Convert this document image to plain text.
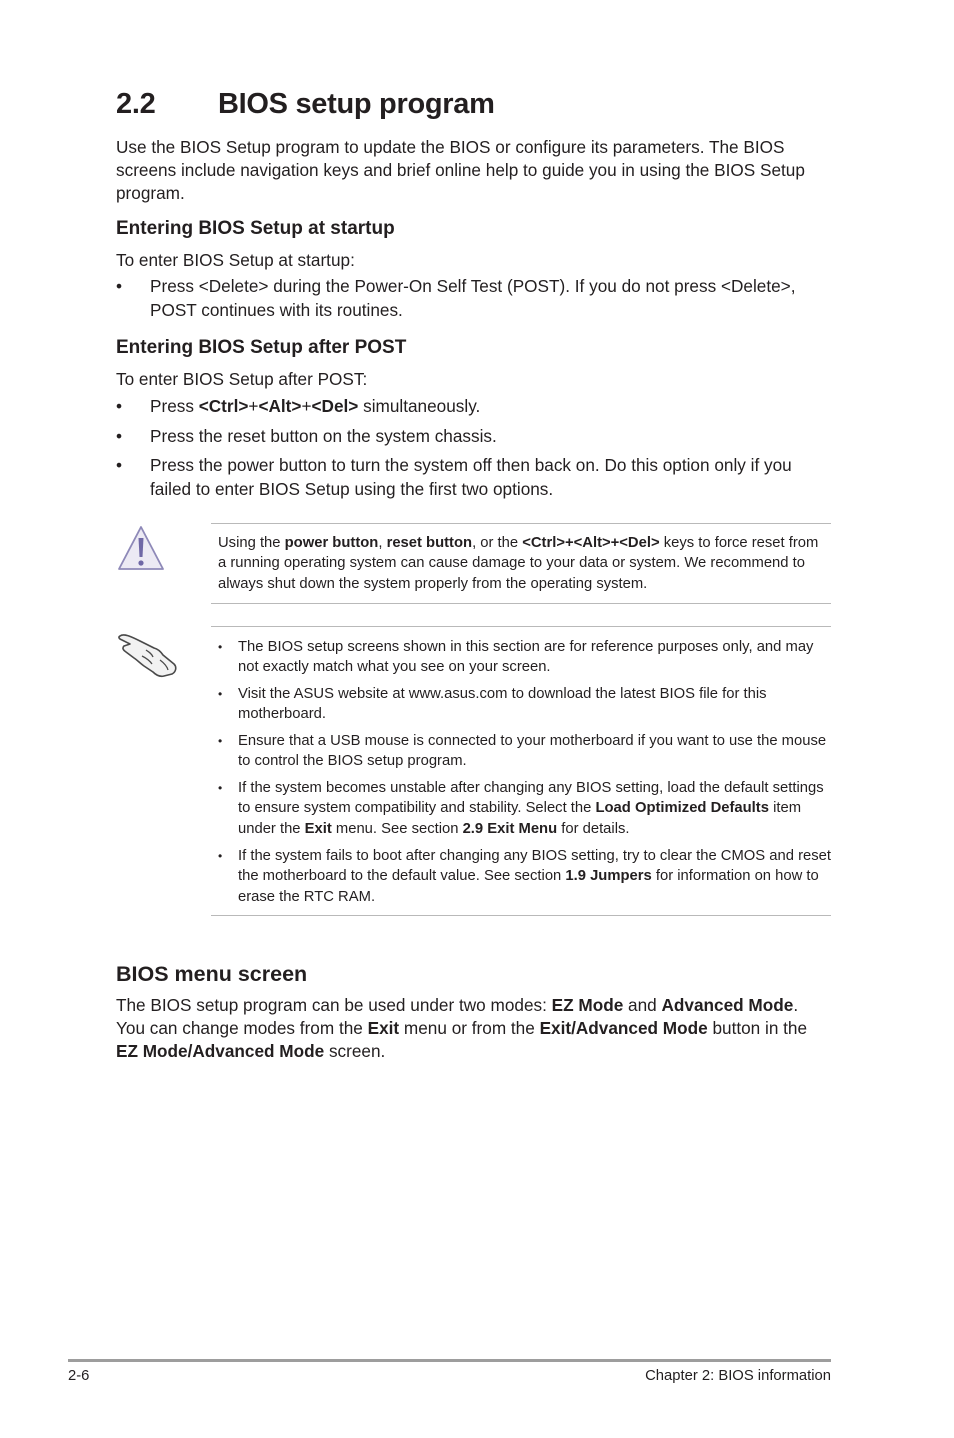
2.2 BIOS setup program
Use the BIOS Setup program to update the BIOS or configure its parameters. The BIOS screens include navigation keys and brief online help to guide you in using the BIOS Setup program.
Entering BIOS Setup at startup
To enter BIOS Setup at startup:
• Press <Delete> during the Power-On Self Test (POST). If you do not press <Delete>, POST continues with its routines.
Entering BIOS Setup after POST
To enter BIOS Setup after POST:
• Press <Ctrl>+<Alt>+<Del> simultaneously.
• Press the reset button on the system chassis.
• Press the power button to turn the system off then back on. Do this option only if you failed to enter BIOS Setup using the first two options.
Using the power button, reset button, or the <Ctrl>+<Alt>+<Del> keys to force reset from a running operating system can cause damage to your data or system. We recommend to always shut down the system properly from the operating system.
• The BIOS setup screens shown in this section are for reference purposes only, and may not exactly match what you see on your screen.
• Visit the ASUS website at www.asus.com to download the latest BIOS file for this motherboard.
• Ensure that a USB mouse is connected to your motherboard if you want to use the mouse to control the BIOS setup program.
• If the system becomes unstable after changing any BIOS setting, load the default settings to ensure system compatibility and stability. Select the Load Optimized Defaults item under the Exit menu. See section 2.9 Exit Menu for details.
• If the system fails to boot after changing any BIOS setting, try to clear the CMOS and reset the motherboard to the default value. See section 1.9 Jumpers for information on how to erase the RTC RAM.
BIOS menu screen
The BIOS setup program can be used under two modes: EZ Mode and Advanced Mode. You can change modes from the Exit menu or from the Exit/Advanced Mode button in the EZ Mode/Advanced Mode screen.
2-6	Chapter 2: BIOS information
